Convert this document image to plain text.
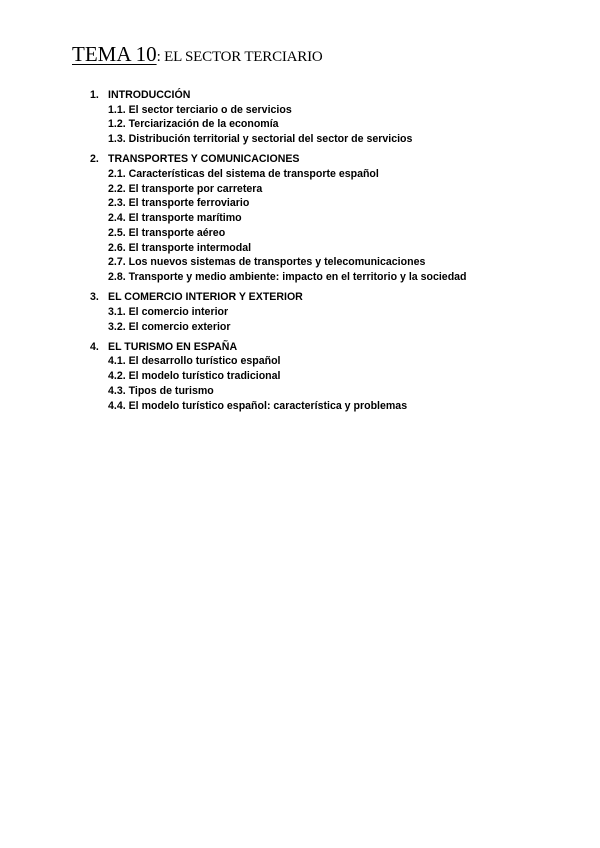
TEMA 10: EL SECTOR TERCIARIO
1. INTRODUCCIÓN
1.1. El sector terciario o de servicios
1.2. Terciarización de la economía
1.3. Distribución territorial y sectorial del sector de servicios
2. TRANSPORTES Y COMUNICACIONES
2.1. Características del sistema de transporte español
2.2. El transporte por carretera
2.3. El transporte ferroviario
2.4. El transporte marítimo
2.5. El transporte aéreo
2.6. El transporte intermodal
2.7. Los nuevos sistemas de transportes y telecomunicaciones
2.8. Transporte y medio ambiente: impacto en el territorio y la sociedad
3. EL COMERCIO INTERIOR Y EXTERIOR
3.1. El comercio interior
3.2. El comercio exterior
4. EL TURISMO EN ESPAÑA
4.1. El desarrollo turístico español
4.2. El modelo turístico tradicional
4.3. Tipos de turismo
4.4. El modelo turístico español: característica y problemas
